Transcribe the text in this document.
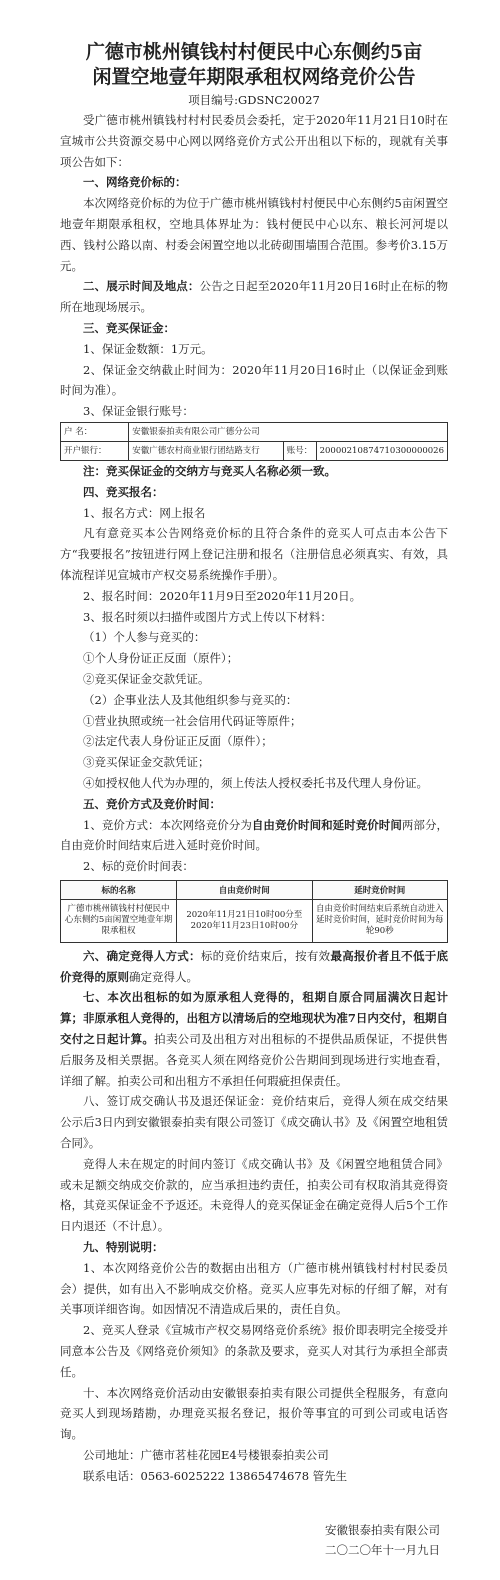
广德市桃州镇钱村村便民中心东侧约5亩
闲置空地壹年期限承租权网络竞价公告
项目编号:GDSNC20027

受广德市桃州镇钱村村村民委员会委托，定于2020年11月21日10时在宣城市公共资源交易中心网以网络竞价方式公开出租以下标的，现就有关事项公告如下：

一、网络竞价标的：

本次网络竞价标的为位于广德市桃州镇钱村村便民中心东侧约5亩闲置空地壹年期限承租权，空地具体界址为：钱村便民中心以东、粮长河河堤以西、钱村公路以南、村委会闲置空地以北砖砌围墙围合范围。参考价3.15万元。

二、展示时间及地点：公告之日起至2020年11月20日16时止在标的物所在地现场展示。

三、竞买保证金：

1、保证金数额：1万元。

2、保证金交纳截止时间为：2020年11月20日16时止（以保证金到账时间为准）。

3、保证金银行账号：

户 名：	安徽银泰拍卖有限公司广德分公司		
开户银行：	安徽广德农村商业银行团结路支行	账号：	20000210874710300000026

注：竞买保证金的交纳方与竞买人名称必须一致。

四、竞买报名：

1、报名方式：网上报名

凡有意竞买本公告网络竞价标的且符合条件的竞买人可点击本公告下方“我要报名”按钮进行网上登记注册和报名（注册信息必须真实、有效，具体流程详见宣城市产权交易系统操作手册）。

2、报名时间：2020年11月9日至2020年11月20日。

3、报名时须以扫描件或图片方式上传以下材料：

（1）个人参与竞买的：

①个人身份证正反面（原件）；

②竞买保证金交款凭证。

（2）企事业法人及其他组织参与竞买的：

①营业执照或统一社会信用代码证等原件；

②法定代表人身份证正反面（原件）；

③竞买保证金交款凭证；

④如授权他人代为办理的，须上传法人授权委托书及代理人身份证。

五、竞价方式及竞价时间：

1、竞价方式：本次网络竞价分为自由竞价时间和延时竞价时间两部分，自由竞价时间结束后进入延时竞价时间。

2、标的竞价时间表：

标的名称	自由竞价时间	延时竞价时间
广德市桃州镇钱村村便民中心东侧约5亩闲置空地壹年期限承租权	2020年11月21日10时00分至2020年11月23日10时00分	自由竞价时间结束后系统自动进入延时竞价时间，延时竞价时间为每轮90秒

六、确定竞得人方式：标的竞价结束后，按有效最高报价者且不低于底价竞得的原则确定竞得人。

七、本次出租标的如为原承租人竞得的，租期自原合同届满次日起计算；非原承租人竞得的，出租方以清场后的空地现状为准7日内交付，租期自交付之日起计算。拍卖公司及出租方对出租标的不提供品质保证，不提供售后服务及相关票据。各竞买人须在网络竞价公告期间到现场进行实地查看，详细了解。拍卖公司和出租方不承担任何瑕疵担保责任。

八、签订成交确认书及退还保证金：竞价结束后，竞得人须在成交结果公示后3日内到安徽银泰拍卖有限公司签订《成交确认书》及《闲置空地租赁合同》。

竞得人未在规定的时间内签订《成交确认书》及《闲置空地租赁合同》或未足额交纳成交价款的，应当承担违约责任，拍卖公司有权取消其竞得资格，其竞买保证金不予返还。未竞得人的竞买保证金在确定竞得人后5个工作日内退还（不计息）。

九、特别说明：

1、本次网络竞价公告的数据由出租方（广德市桃州镇钱村村村民委员会）提供，如有出入不影响成交价格。竞买人应事先对标的仔细了解，对有关事项详细咨询。如因情况不清造成后果的，责任自负。

2、竞买人登录《宣城市产权交易网络竞价系统》报价即表明完全接受并同意本公告及《网络竞价须知》的条款及要求，竞买人对其行为承担全部责任。

十、本次网络竞价活动由安徽银泰拍卖有限公司提供全程服务，有意向竞买人到现场踏勘，办理竞买报名登记，报价等事宜的可到公司或电话咨询。

公司地址：广德市茗桂花园E4号楼银泰拍卖公司

联系电话：0563-6025222 13865474678 管先生

安徽银泰拍卖有限公司
二〇二〇年十一月九日
